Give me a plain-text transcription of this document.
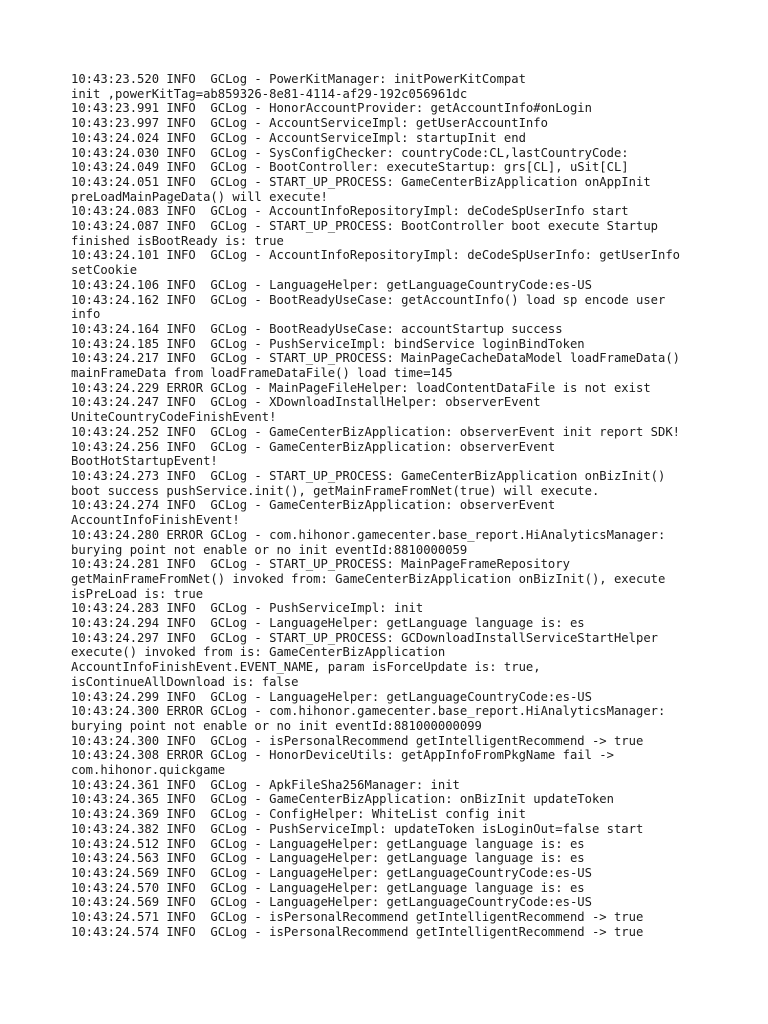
10:43:23.520 INFO  GCLog - PowerKitManager: initPowerKitCompat
init ,powerKitTag=ab859326-8e81-4114-af29-192c056961dc
10:43:23.991 INFO  GCLog - HonorAccountProvider: getAccountInfo#onLogin
10:43:23.997 INFO  GCLog - AccountServiceImpl: getUserAccountInfo
10:43:24.024 INFO  GCLog - AccountServiceImpl: startupInit end
10:43:24.030 INFO  GCLog - SysConfigChecker: countryCode:CL,lastCountryCode:
10:43:24.049 INFO  GCLog - BootController: executeStartup: grs[CL], uSit[CL]
10:43:24.051 INFO  GCLog - START_UP_PROCESS: GameCenterBizApplication onAppInit
preLoadMainPageData() will execute!
10:43:24.083 INFO  GCLog - AccountInfoRepositoryImpl: deCodeSpUserInfo start
10:43:24.087 INFO  GCLog - START_UP_PROCESS: BootController boot execute Startup
finished isBootReady is: true
10:43:24.101 INFO  GCLog - AccountInfoRepositoryImpl: deCodeSpUserInfo: getUserInfo
setCookie
10:43:24.106 INFO  GCLog - LanguageHelper: getLanguageCountryCode:es-US
10:43:24.162 INFO  GCLog - BootReadyUseCase: getAccountInfo() load sp encode user
info
10:43:24.164 INFO  GCLog - BootReadyUseCase: accountStartup success
10:43:24.185 INFO  GCLog - PushServiceImpl: bindService loginBindToken
10:43:24.217 INFO  GCLog - START_UP_PROCESS: MainPageCacheDataModel loadFrameData()
mainFrameData from loadFrameDataFile() load time=145
10:43:24.229 ERROR GCLog - MainPageFileHelper: loadContentDataFile is not exist
10:43:24.247 INFO  GCLog - XDownloadInstallHelper: observerEvent
UniteCountryCodeFinishEvent!
10:43:24.252 INFO  GCLog - GameCenterBizApplication: observerEvent init report SDK!
10:43:24.256 INFO  GCLog - GameCenterBizApplication: observerEvent
BootHotStartupEvent!
10:43:24.273 INFO  GCLog - START_UP_PROCESS: GameCenterBizApplication onBizInit()
boot success pushService.init(), getMainFrameFromNet(true) will execute.
10:43:24.274 INFO  GCLog - GameCenterBizApplication: observerEvent
AccountInfoFinishEvent!
10:43:24.280 ERROR GCLog - com.hihonor.gamecenter.base_report.HiAnalyticsManager:
burying point not enable or no init eventId:8810000059
10:43:24.281 INFO  GCLog - START_UP_PROCESS: MainPageFrameRepository
getMainFrameFromNet() invoked from: GameCenterBizApplication onBizInit(), execute
isPreLoad is: true
10:43:24.283 INFO  GCLog - PushServiceImpl: init
10:43:24.294 INFO  GCLog - LanguageHelper: getLanguage language is: es
10:43:24.297 INFO  GCLog - START_UP_PROCESS: GCDownloadInstallServiceStartHelper
execute() invoked from is: GameCenterBizApplication
AccountInfoFinishEvent.EVENT_NAME, param isForceUpdate is: true,
isContinueAllDownload is: false
10:43:24.299 INFO  GCLog - LanguageHelper: getLanguageCountryCode:es-US
10:43:24.300 ERROR GCLog - com.hihonor.gamecenter.base_report.HiAnalyticsManager:
burying point not enable or no init eventId:881000000099
10:43:24.300 INFO  GCLog - isPersonalRecommend getIntelligentRecommend -> true
10:43:24.308 ERROR GCLog - HonorDeviceUtils: getAppInfoFromPkgName fail ->
com.hihonor.quickgame
10:43:24.361 INFO  GCLog - ApkFileSha256Manager: init
10:43:24.365 INFO  GCLog - GameCenterBizApplication: onBizInit updateToken
10:43:24.369 INFO  GCLog - ConfigHelper: WhiteList config init
10:43:24.382 INFO  GCLog - PushServiceImpl: updateToken isLoginOut=false start
10:43:24.512 INFO  GCLog - LanguageHelper: getLanguage language is: es
10:43:24.563 INFO  GCLog - LanguageHelper: getLanguage language is: es
10:43:24.569 INFO  GCLog - LanguageHelper: getLanguageCountryCode:es-US
10:43:24.570 INFO  GCLog - LanguageHelper: getLanguage language is: es
10:43:24.569 INFO  GCLog - LanguageHelper: getLanguageCountryCode:es-US
10:43:24.571 INFO  GCLog - isPersonalRecommend getIntelligentRecommend -> true
10:43:24.574 INFO  GCLog - isPersonalRecommend getIntelligentRecommend -> true
